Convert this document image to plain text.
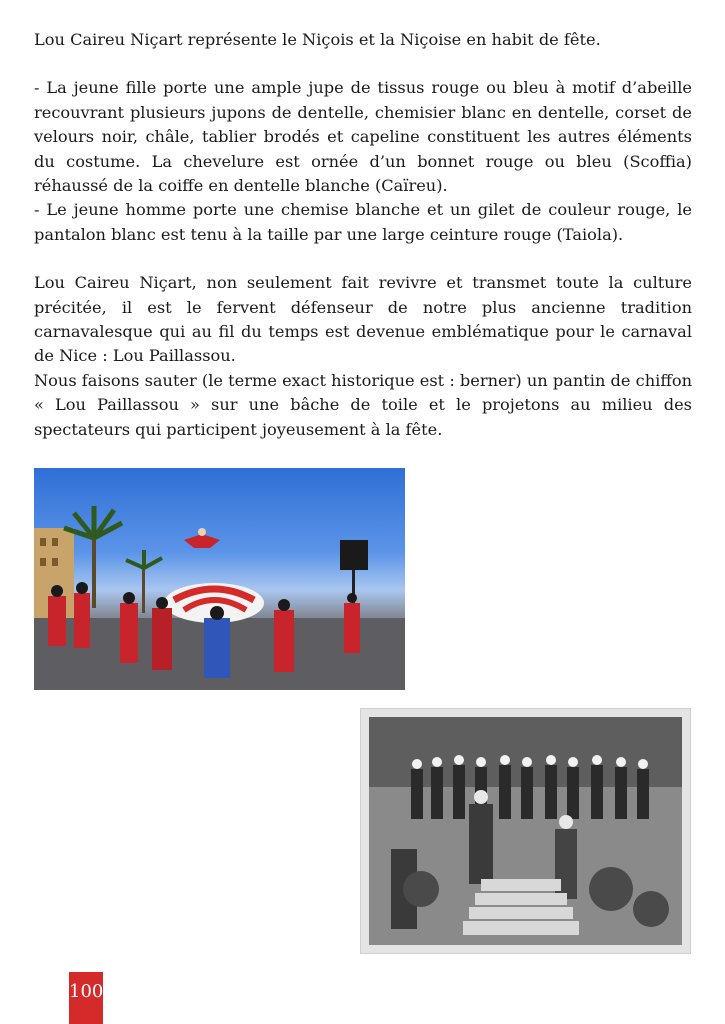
Lou Caireu Niçart représente le Niçois et la Niçoise en habit de fête.

- La jeune fille porte une ample jupe de tissus rouge ou bleu à motif d’abeille recouvrant plusieurs jupons de dentelle, chemisier blanc en dentelle, corset de velours noir, châle, tablier brodés et capeline constituent les autres éléments du costume. La chevelure est ornée d’un bonnet rouge ou bleu (Scoffia) réhaussé de la coiffe en dentelle blanche (Caïreu).

- Le jeune homme porte une chemise blanche et un gilet de couleur rouge, le pantalon blanc est tenu à la taille par une large ceinture rouge (Taiola).

Lou Caireu Niçart, non seulement fait revivre et transmet toute la culture précitée, il est le fervent défenseur de notre plus ancienne tradition carnavalesque qui au fil du temps est devenue emblématique pour le carnaval de Nice : Lou Paillassou.

Nous faisons sauter (le terme exact historique est : berner) un pantin de chiffon « Lou Paillassou » sur une bâche de toile et le projetons au milieu des spectateurs qui participent joyeusement à la fête.

100
